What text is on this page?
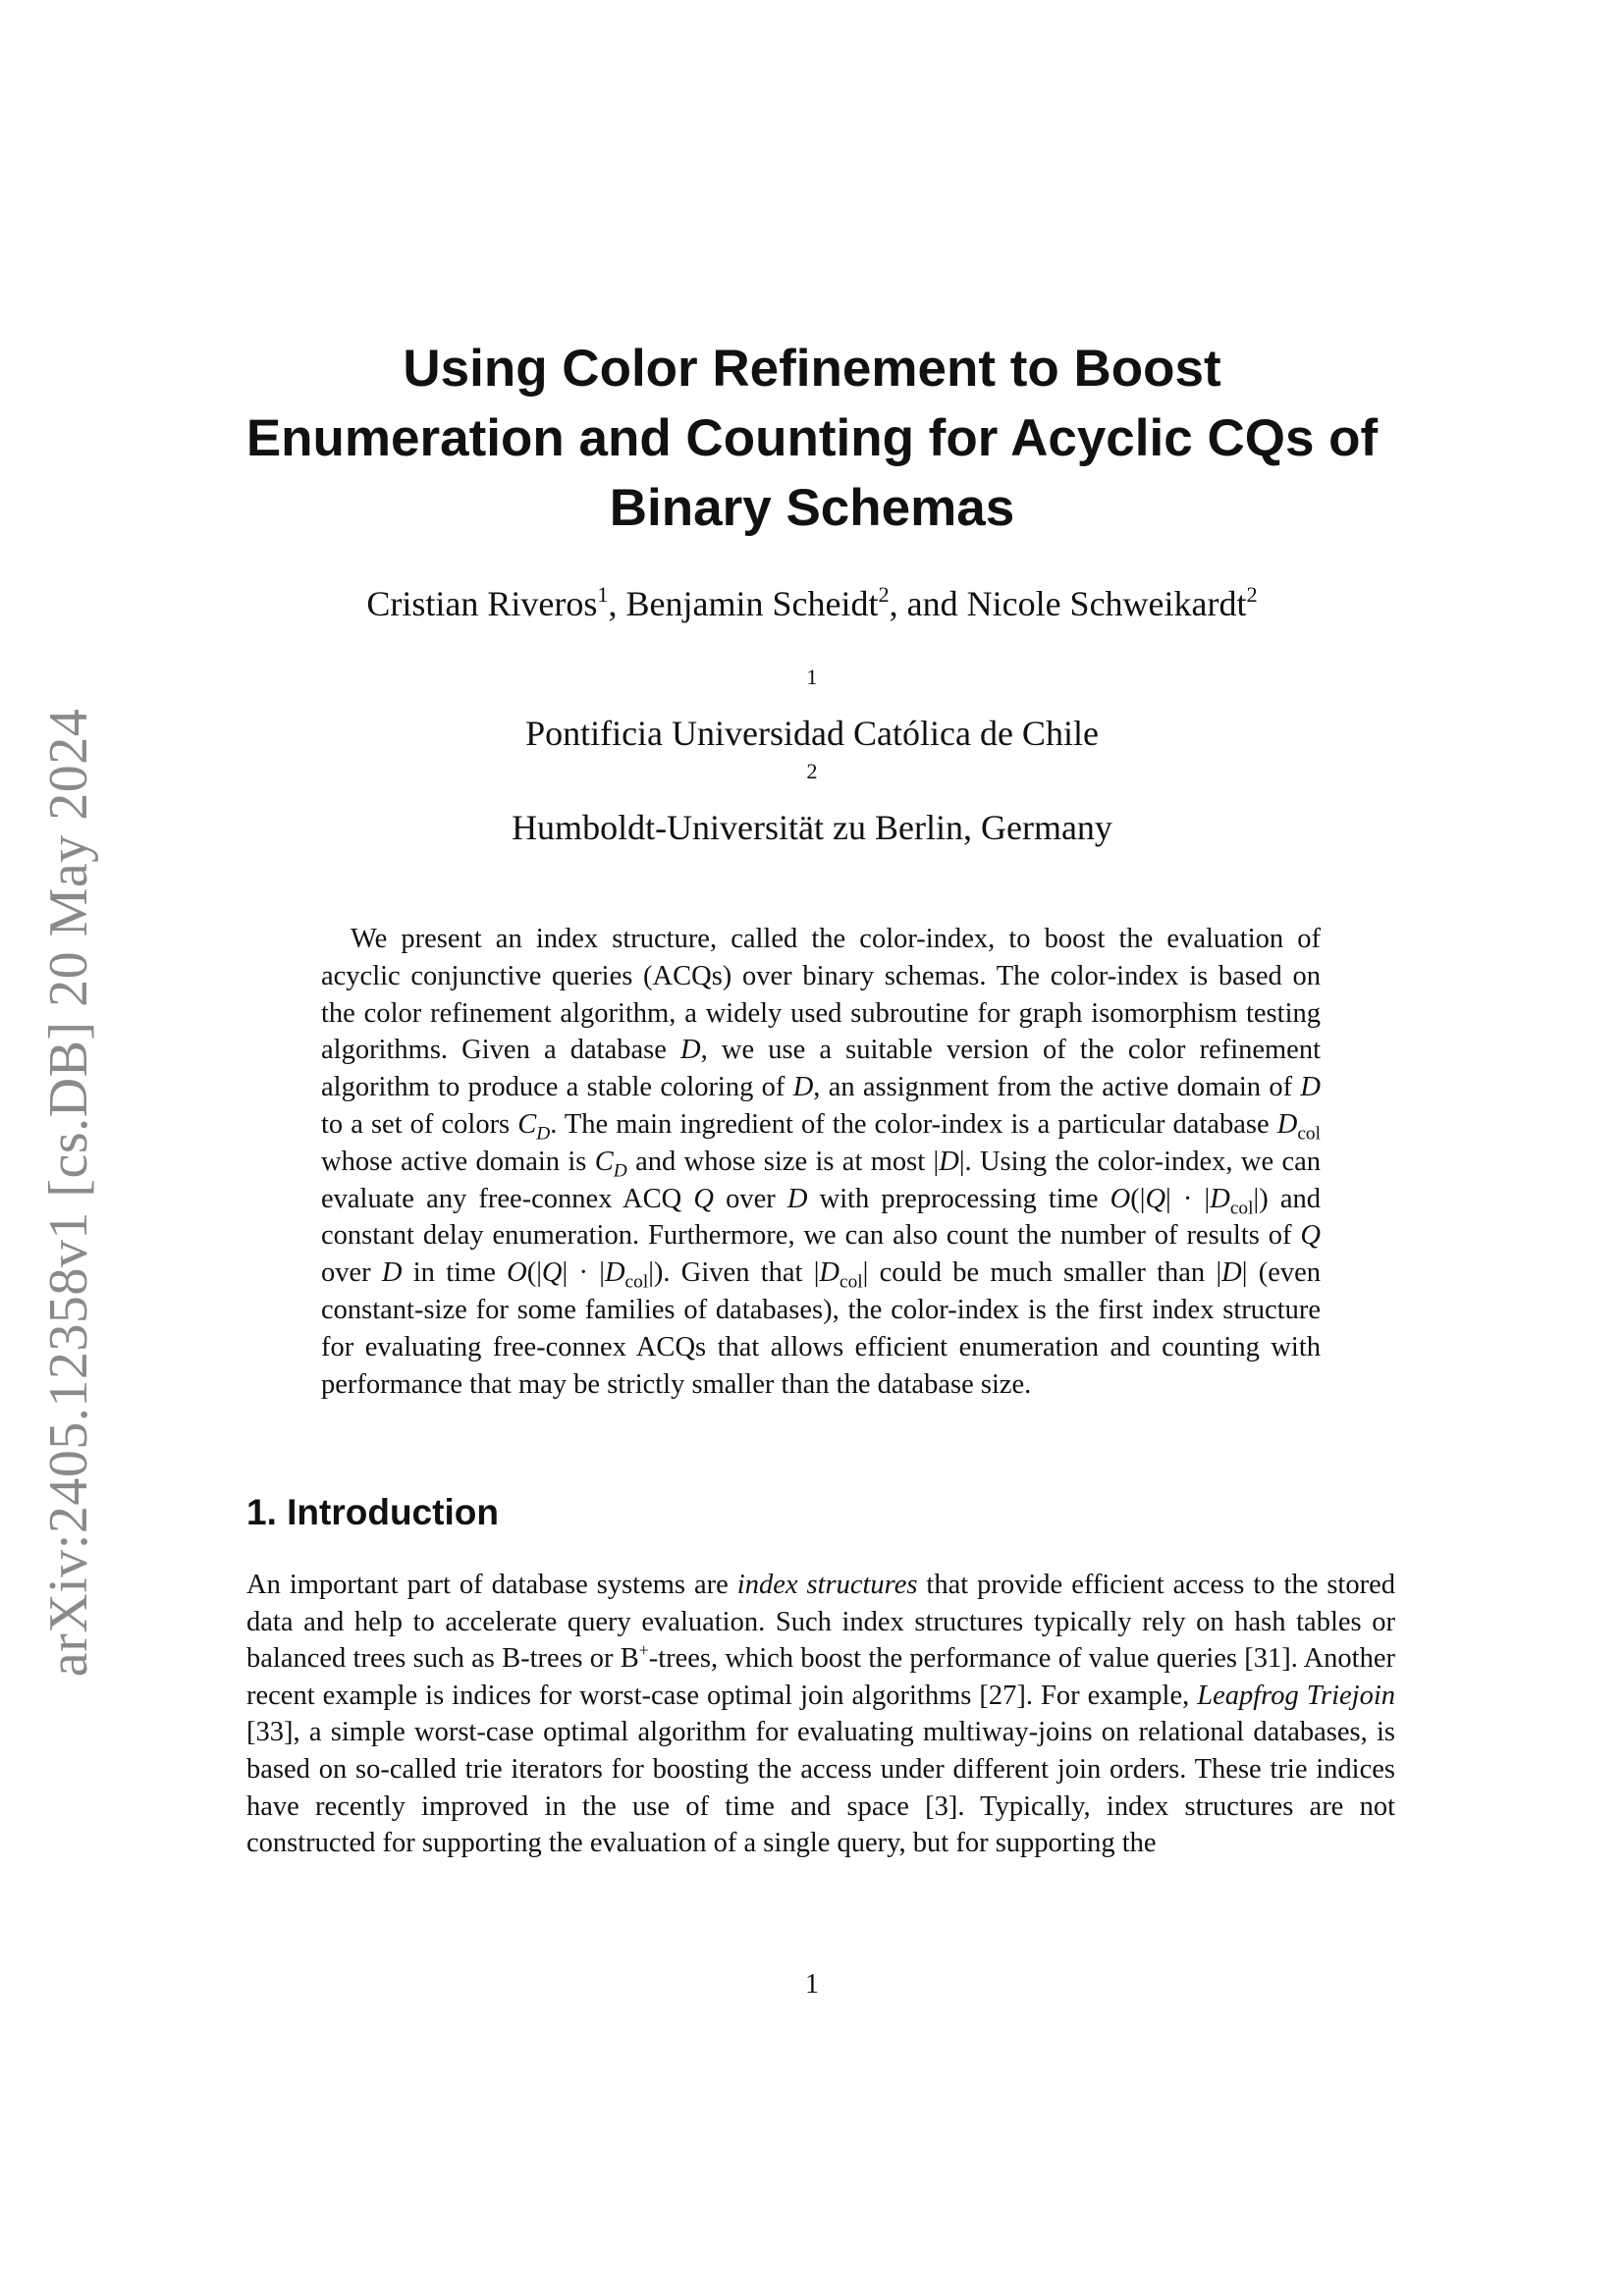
arXiv:2405.12358v1 [cs.DB] 20 May 2024
Using Color Refinement to Boost
Enumeration and Counting for Acyclic CQs of
Binary Schemas
Cristian Riveros$^1$, Benjamin Scheidt$^2$, and Nicole Schweikardt$^2$
$^1$
Pontificia Universidad Católica de Chile
$^2$
Humboldt-Universität zu Berlin, Germany

We present an index structure, called the color-index, to boost the evaluation of acyclic conjunctive queries (ACQs) over binary schemas. The color-index is based on the color refinement algorithm, a widely used subroutine for graph isomorphism testing algorithms. Given a database D, we use a suitable version of the color refinement algorithm to produce a stable coloring of D, an assignment from the active domain of D to a set of colors $C_D$. The main ingredient of the color-index is a particular database $D_{col}$ whose active domain is $C_D$ and whose size is at most |D|. Using the color-index, we can evaluate any free-connex ACQ Q over D with preprocessing time $O(|Q| \cdot |D_{col}|)$ and constant delay enumeration. Furthermore, we can also count the number of results of Q over D in time $O(|Q| \cdot |D_{col}|)$. Given that $|D_{col}|$ could be much smaller than |D| (even constant-size for some families of databases), the color-index is the first index structure for evaluating free-connex ACQs that allows efficient enumeration and counting with performance that may be strictly smaller than the database size.

1. Introduction

An important part of database systems are index structures that provide efficient access to the stored data and help to accelerate query evaluation. Such index structures typically rely on hash tables or balanced trees such as B-trees or B+-trees, which boost the performance of value queries [31]. Another recent example is indices for worst-case optimal join algorithms [27]. For example, Leapfrog Triejoin [33], a simple worst-case optimal algorithm for evaluating multiway-joins on relational databases, is based on so-called trie iterators for boosting the access under different join orders. These trie indices have recently improved in the use of time and space [3]. Typically, index structures are not constructed for supporting the evaluation of a single query, but for supporting the

1
